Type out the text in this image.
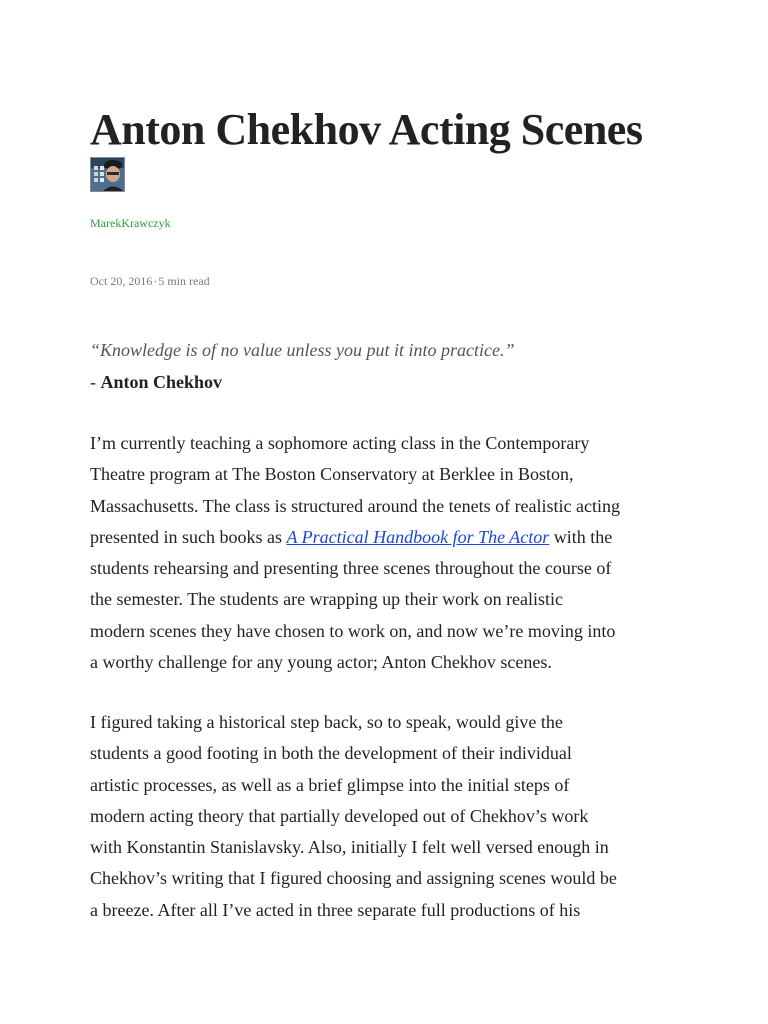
Anton Chekhov Acting Scenes
MarekKrawczyk
Oct 20, 2016·5 min read
“Knowledge is of no value unless you put it into practice.”
- Anton Chekhov
I’m currently teaching a sophomore acting class in the Contemporary
Theatre program at The Boston Conservatory at Berklee in Boston,
Massachusetts. The class is structured around the tenets of realistic acting
presented in such books as A Practical Handbook for The Actor with the
students rehearsing and presenting three scenes throughout the course of
the semester. The students are wrapping up their work on realistic
modern scenes they have chosen to work on, and now we’re moving into
a worthy challenge for any young actor; Anton Chekhov scenes.
I figured taking a historical step back, so to speak, would give the
students a good footing in both the development of their individual
artistic processes, as well as a brief glimpse into the initial steps of
modern acting theory that partially developed out of Chekhov’s work
with Konstantin Stanislavsky. Also, initially I felt well versed enough in
Chekhov’s writing that I figured choosing and assigning scenes would be
a breeze. After all I’ve acted in three separate full productions of his
